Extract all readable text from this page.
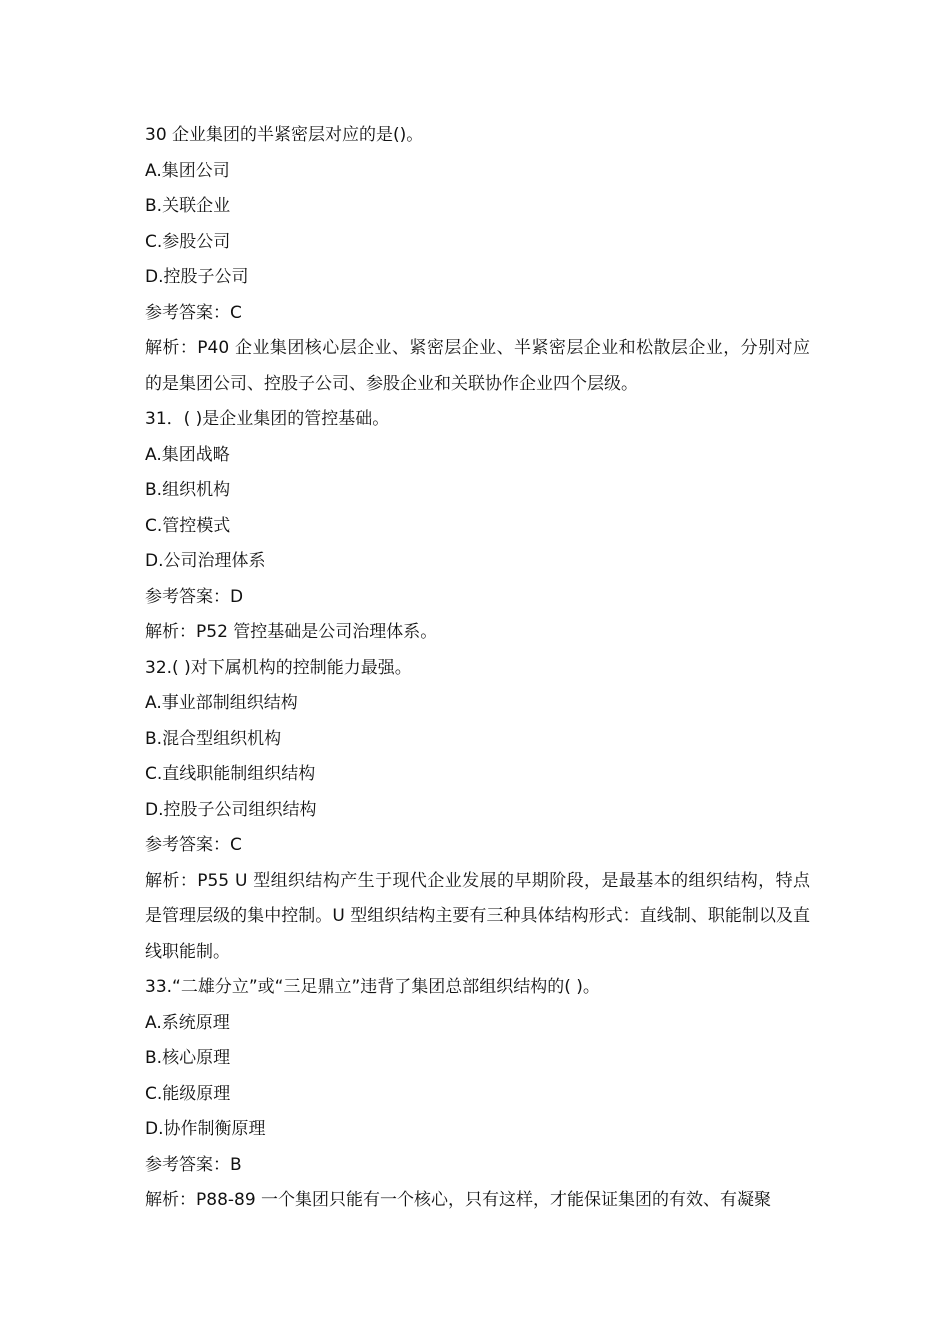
30 企业集团的半紧密层对应的是()。
A.集团公司
B.关联企业
C.参股公司
D.控股子公司
参考答案：C
解析：P40 企业集团核心层企业、紧密层企业、半紧密层企业和松散层企业，分别对应的是集团公司、控股子公司、参股企业和关联协作企业四个层级。
31．( )是企业集团的管控基础。
A.集团战略
B.组织机构
C.管控模式
D.公司治理体系
参考答案：D
解析：P52 管控基础是公司治理体系。
32.( )对下属机构的控制能力最强。
A.事业部制组织结构
B.混合型组织机构
C.直线职能制组织结构
D.控股子公司组织结构
参考答案：C
解析：P55 U 型组织结构产生于现代企业发展的早期阶段，是最基本的组织结构，特点是管理层级的集中控制。U 型组织结构主要有三种具体结构形式：直线制、职能制以及直线职能制。
33.“二雄分立”或“三足鼎立”违背了集团总部组织结构的( )。
A.系统原理
B.核心原理
C.能级原理
D.协作制衡原理
参考答案：B
解析：P88-89 一个集团只能有一个核心，只有这样，才能保证集团的有效、有凝聚
